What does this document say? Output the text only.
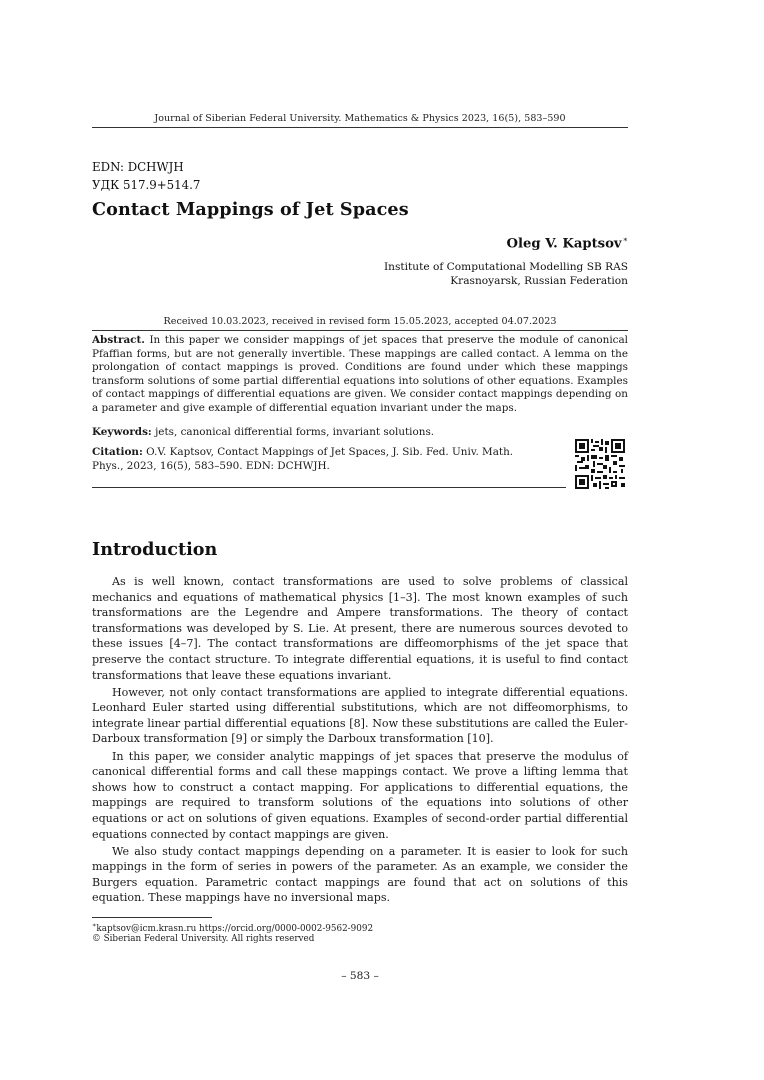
Journal of Siberian Federal University. Mathematics & Physics 2023, 16(5), 583–590
EDN: DCHWJH
УДК 517.9+514.7
Contact Mappings of Jet Spaces
Oleg V. Kaptsov∗
Institute of Computational Modelling SB RAS
Krasnoyarsk, Russian Federation
Received 10.03.2023, received in revised form 15.05.2023, accepted 04.07.2023
Abstract. In this paper we consider mappings of jet spaces that preserve the module of canonical Pfaffian forms, but are not generally invertible. These mappings are called contact. A lemma on the prolongation of contact mappings is proved. Conditions are found under which these mappings transform solutions of some partial differential equations into solutions of other equations. Examples of contact mappings of differential equations are given. We consider contact mappings depending on a parameter and give example of differential equation invariant under the maps.
Keywords: jets, canonical differential forms, invariant solutions.
Citation: O.V. Kaptsov, Contact Mappings of Jet Spaces, J. Sib. Fed. Univ. Math. Phys., 2023, 16(5), 583–590. EDN: DCHWJH.
Introduction

As is well known, contact transformations are used to solve problems of classical mechanics and equations of mathematical physics [1–3]. The most known examples of such transformations are the Legendre and Ampere transformations. The theory of contact transformations was developed by S. Lie. At present, there are numerous sources devoted to these issues [4–7]. The contact transformations are diffeomorphisms of the jet space that preserve the contact structure. To integrate differential equations, it is useful to find contact transformations that leave these equations invariant.

However, not only contact transformations are applied to integrate differential equations. Leonhard Euler started using differential substitutions, which are not diffeomorphisms, to integrate linear partial differential equations [8]. Now these substitutions are called the Euler-Darboux transformation [9] or simply the Darboux transformation [10].

In this paper, we consider analytic mappings of jet spaces that preserve the modulus of canonical differential forms and call these mappings contact. We prove a lifting lemma that shows how to construct a contact mapping. For applications to differential equations, the mappings are required to transform solutions of the equations into solutions of other equations or act on solutions of given equations. Examples of second-order partial differential equations connected by contact mappings are given.

We also study contact mappings depending on a parameter. It is easier to look for such mappings in the form of series in powers of the parameter. As an example, we consider the Burgers equation. Parametric contact mappings are found that act on solutions of this equation. These mappings have no inversional maps.

∗kaptsov@icm.krasn.ru https://orcid.org/0000-0002-9562-9092
© Siberian Federal University. All rights reserved
– 583 –
